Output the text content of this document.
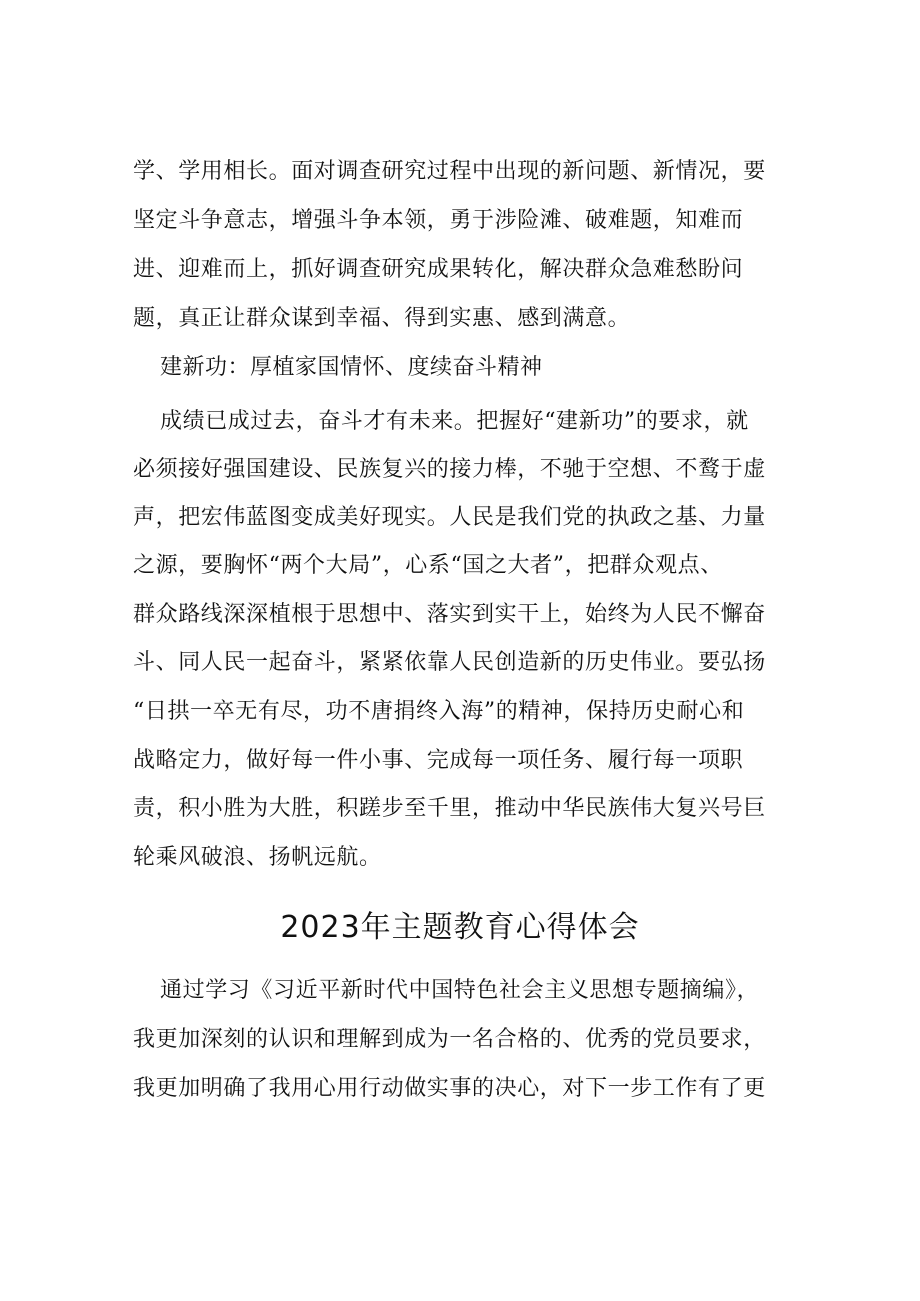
学、学用相长。面对调查研究过程中出现的新问题、新情况，要
坚定斗争意志，增强斗争本领，勇于涉险滩、破难题，知难而
进、迎难而上，抓好调查研究成果转化，解决群众急难愁盼问
题，真正让群众谋到幸福、得到实惠、感到满意。
建新功：厚植家国情怀、度续奋斗精神
成绩已成过去，奋斗才有未来。把握好“建新功”的要求，就
必须接好强国建设、民族复兴的接力棒，不驰于空想、不鹜于虚
声，把宏伟蓝图变成美好现实。人民是我们党的执政之基、力量
之源，要胸怀“两个大局”，心系“国之大者”，把群众观点、
群众路线深深植根于思想中、落实到实干上，始终为人民不懈奋
斗、同人民一起奋斗，紧紧依靠人民创造新的历史伟业。要弘扬
“日拱一卒无有尽，功不唐捐终入海”的精神，保持历史耐心和
战略定力，做好每一件小事、完成每一项任务、履行每一项职
责，积小胜为大胜，积蹉步至千里，推动中华民族伟大复兴号巨
轮乘风破浪、扬帆远航。
2023年主题教育心得体会
通过学习《习近平新时代中国特色社会主义思想专题摘编》，
我更加深刻的认识和理解到成为一名合格的、优秀的党员要求，
我更加明确了我用心用行动做实事的决心，对下一步工作有了更
